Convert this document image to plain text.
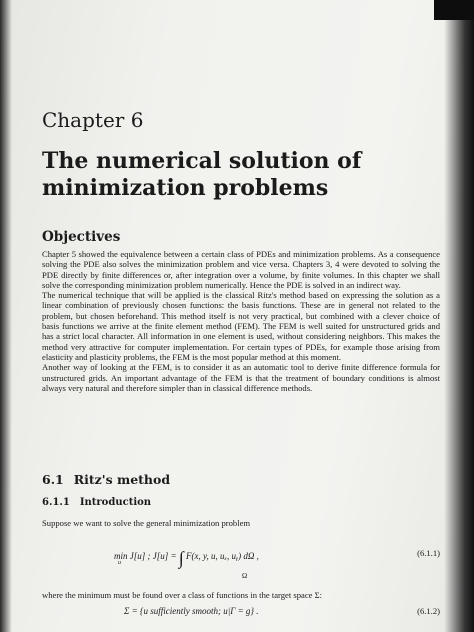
Chapter 6
The numerical solution of
minimization problems
Objectives

Chapter 5 showed the equivalence between a certain class of PDEs and minimization problems. As a consequence solving the PDE also solves the minimization problem and vice versa. Chapters 3, 4 were devoted to solving the PDE directly by finite differences or, after integration over a volume, by finite volumes. In this chapter we shall solve the corresponding minimization problem numerically. Hence the PDE is solved in an indirect way.

The numerical technique that will be applied is the classical Ritz's method based on expressing the solution as a linear combination of previously chosen functions: the basis functions. These are in general not related to the problem, but chosen beforehand. This method itself is not very practical, but combined with a clever choice of basis functions we arrive at the finite element method (FEM). The FEM is well suited for unstructured grids and has a strict local character. All information in one element is used, without considering neighbors. This makes the method very attractive for computer implementation. For certain types of PDEs, for example those arising from elasticity and plasticity problems, the FEM is the most popular method at this moment.

Another way of looking at the FEM, is to consider it as an automatic tool to derive finite difference formula for unstructured grids. An important advantage of the FEM is that the treatment of boundary conditions is almost always very natural and therefore simpler than in classical difference methods.

6.1 Ritz's method
6.1.1 Introduction
Suppose we want to solve the general minimization problem
min J[u] ; J[u] = ∫ F(x, y, u, uₓ, uᵧ) dΩ ,
u
Ω
(6.1.1)
where the minimum must be found over a class of functions in the target space Σ:
Σ = {u sufficiently smooth; u|Γ = g} .	(6.1.2)
